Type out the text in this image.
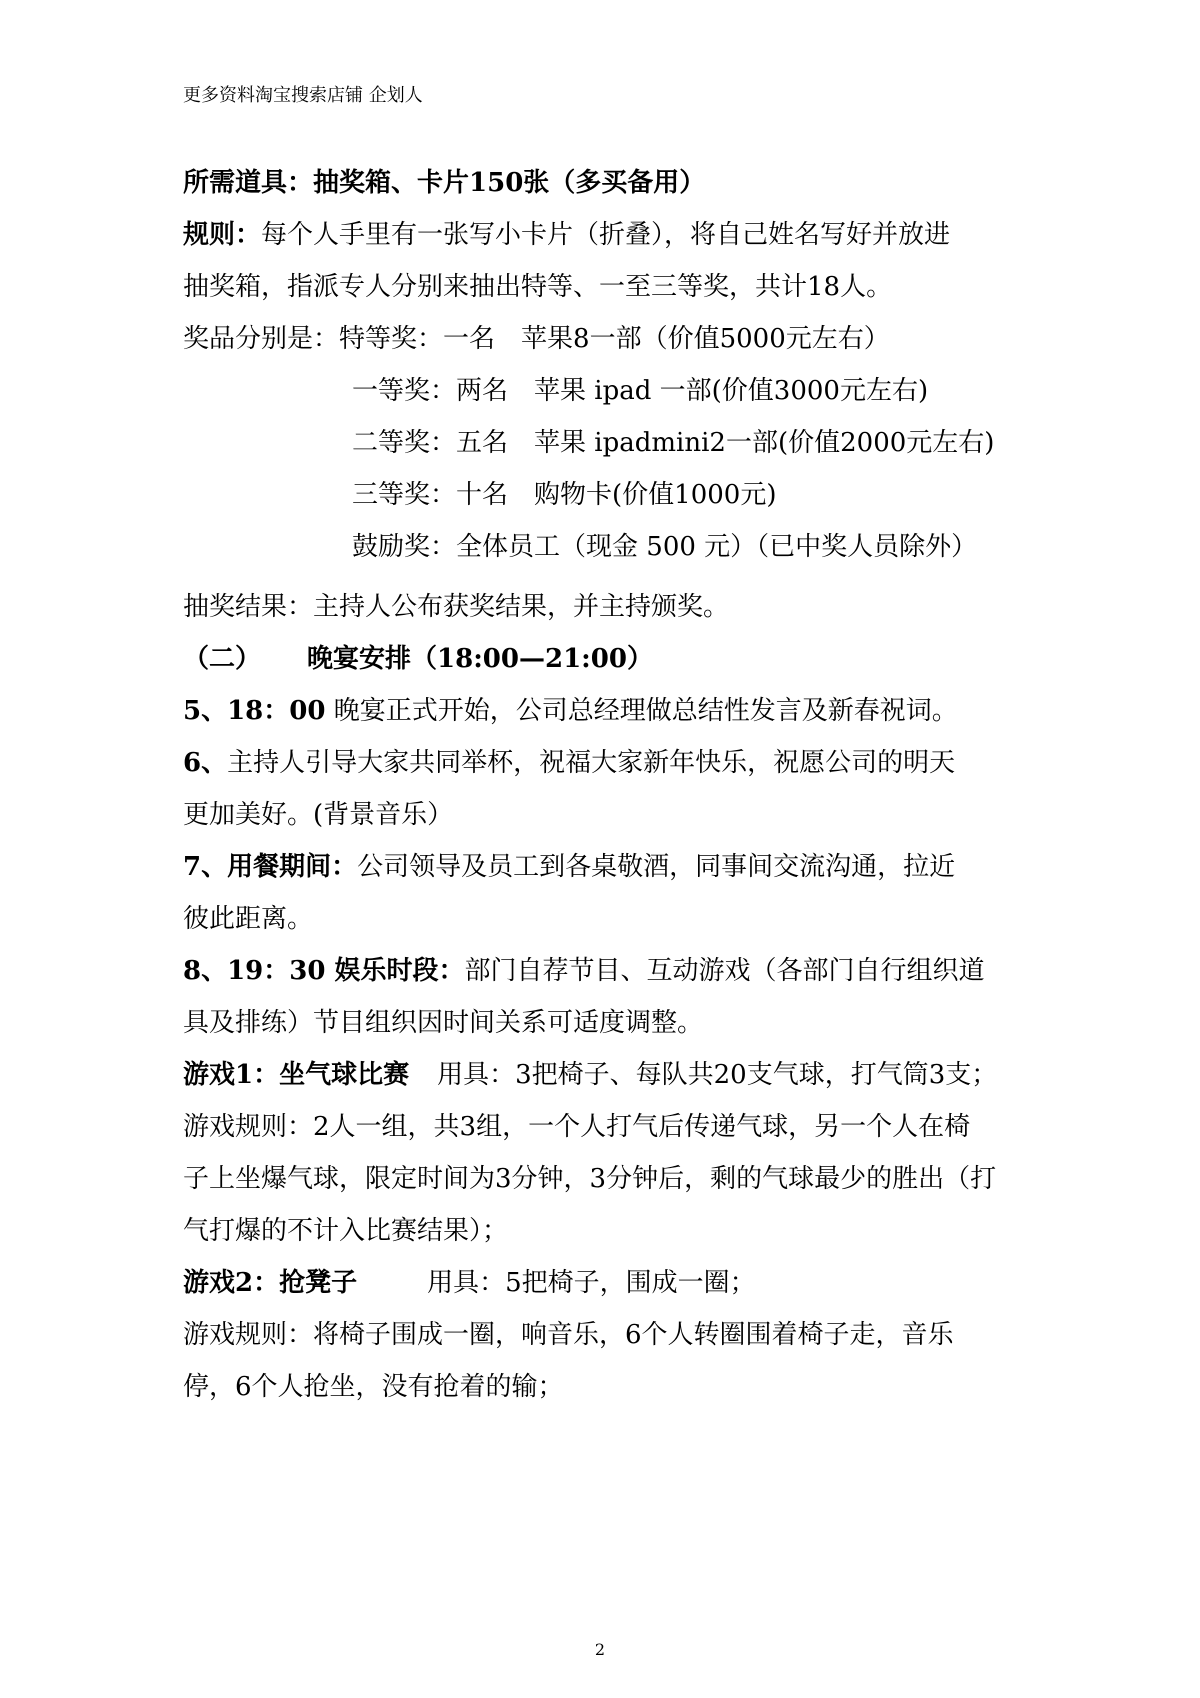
更多资料淘宝搜索店铺 企划人
所需道具：抽奖箱、卡片150张（多买备用）
规则：每个人手里有一张写小卡片（折叠），将自己姓名写好并放进
抽奖箱，指派专人分别来抽出特等、一至三等奖，共计18人。
奖品分别是：特等奖：一名 苹果8一部（价值5000元左右）
一等奖：两名 苹果 ipad 一部(价值3000元左右)
二等奖：五名 苹果 ipadmini2一部(价值2000元左右)
三等奖：十名 购物卡(价值1000元)
鼓励奖：全体员工（现金 500 元）（已中奖人员除外）
抽奖结果：主持人公布获奖结果，并主持颁奖。
（二） 晚宴安排（18:00—21:00）
5、18：00 晚宴正式开始，公司总经理做总结性发言及新春祝词。
6、主持人引导大家共同举杯，祝福大家新年快乐，祝愿公司的明天
更加美好。(背景音乐）
7、用餐期间：公司领导及员工到各桌敬酒，同事间交流沟通，拉近
彼此距离。
8、19：30 娱乐时段：部门自荐节目、互动游戏（各部门自行组织道
具及排练）节目组织因时间关系可适度调整。
游戏1：坐气球比赛 用具：3把椅子、每队共20支气球，打气筒3支；
游戏规则：2人一组，共3组，一个人打气后传递气球，另一个人在椅
子上坐爆气球，限定时间为3分钟，3分钟后，剩的气球最少的胜出（打
气打爆的不计入比赛结果）；
游戏2：抢凳子	用具：5把椅子，围成一圈；
游戏规则：将椅子围成一圈，响音乐，6个人转圈围着椅子走，音乐
停，6个人抢坐，没有抢着的输；
2
